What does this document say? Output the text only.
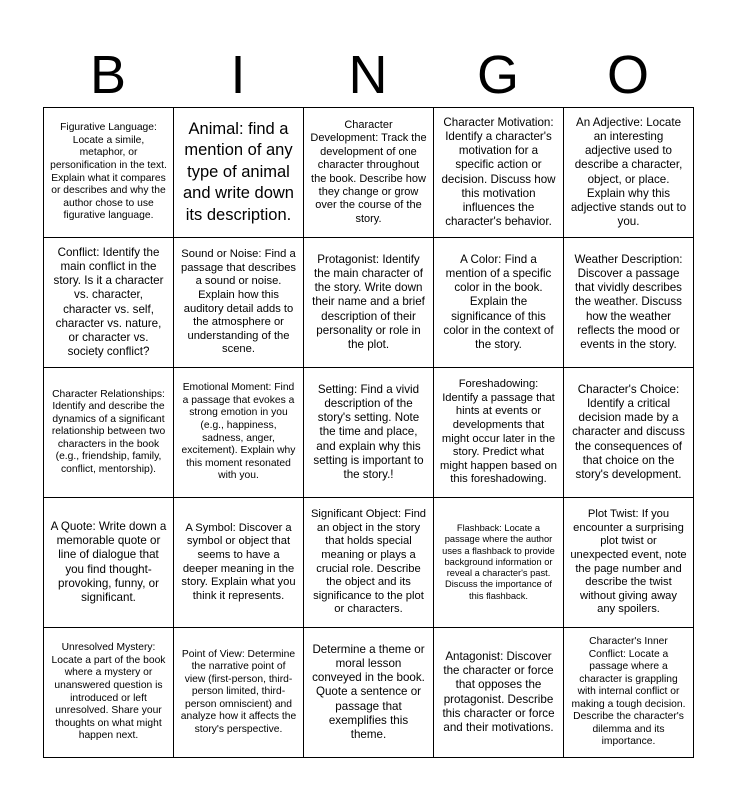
B	I	N	G	O
Figurative Language: Locate a simile, metaphor, or personification in the text. Explain what it compares or describes and why the author chose to use figurative language.	Animal: find a mention of any type of animal and write down its description.	Character Development: Track the development of one character throughout the book. Describe how they change or grow over the course of the story.	Character Motivation: Identify a character's motivation for a specific action or decision. Discuss how this motivation influences the character's behavior.	An Adjective: Locate an interesting adjective used to describe a character, object, or place. Explain why this adjective stands out to you.
Conflict: Identify the main conflict in the story. Is it a character vs. character, character vs. self, character vs. nature, or character vs. society conflict?	Sound or Noise: Find a passage that describes a sound or noise. Explain how this auditory detail adds to the atmosphere or understanding of the scene.	Protagonist: Identify the main character of the story. Write down their name and a brief description of their personality or role in the plot.	A Color: Find a mention of a specific color in the book. Explain the significance of this color in the context of the story.	Weather Description: Discover a passage that vividly describes the weather. Discuss how the weather reflects the mood or events in the story.
Character Relationships: Identify and describe the dynamics of a significant relationship between two characters in the book (e.g., friendship, family, conflict, mentorship).	Emotional Moment: Find a passage that evokes a strong emotion in you (e.g., happiness, sadness, anger, excitement). Explain why this moment resonated with you.	Setting: Find a vivid description of the story's setting. Note the time and place, and explain why this setting is important to the story.!	Foreshadowing: Identify a passage that hints at events or developments that might occur later in the story. Predict what might happen based on this foreshadowing.	Character's Choice: Identify a critical decision made by a character and discuss the consequences of that choice on the story's development.
A Quote: Write down a memorable quote or line of dialogue that you find thought-provoking, funny, or significant.	A Symbol: Discover a symbol or object that seems to have a deeper meaning in the story. Explain what you think it represents.	Significant Object: Find an object in the story that holds special meaning or plays a crucial role. Describe the object and its significance to the plot or characters.	Flashback: Locate a passage where the author uses a flashback to provide background information or reveal a character's past. Discuss the importance of this flashback.	Plot Twist: If you encounter a surprising plot twist or unexpected event, note the page number and describe the twist without giving away any spoilers.
Unresolved Mystery: Locate a part of the book where a mystery or unanswered question is introduced or left unresolved. Share your thoughts on what might happen next.	Point of View: Determine the narrative point of view (first-person, third-person limited, third-person omniscient) and analyze how it affects the story's perspective.	Determine a theme or moral lesson conveyed in the book. Quote a sentence or passage that exemplifies this theme.	Antagonist: Discover the character or force that opposes the protagonist. Describe this character or force and their motivations.	Character's Inner Conflict: Locate a passage where a character is grappling with internal conflict or making a tough decision. Describe the character's dilemma and its importance.
